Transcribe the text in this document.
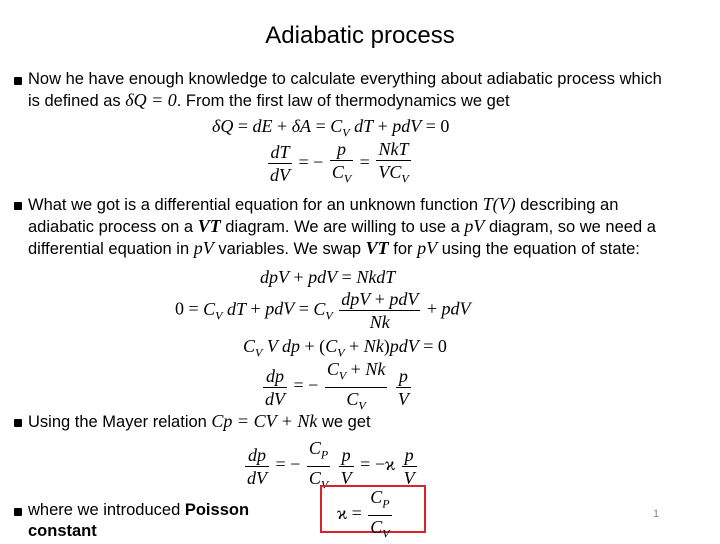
Adiabatic process
Now he have enough knowledge to calculate everything about adiabatic process which
is defined as δQ = 0. From the first law of thermodynamics we get
δQ = dE + $\delta A = C_V$ dT + pdV = 0
$\frac{dT}{dV}$ = − $\frac{p}{C_V} = \frac{\text{NkT}}{VC_V}$
What we got is a differential equation for an unknown function T(V) describing an
adiabatic process on a VT diagram. We are willing to use a pV diagram, so we need a
differential equation in pV variables. We swap VT for pV using the equation of state:
dpV + pdV = NkdT
$0 = C_V$ dT + pdV = $C_V \frac{\text{dpV + pdV}}{Nk}$ + pdV
$C_V$ V dp + $(C_V + Nk)pdV = 0$
$\frac{dp}{dV}$ = − $\frac{C_V + Nk}{C_V}$
$\frac{p}{V}$
Using the Mayer relation Cp = CV + Nk we get
$\frac{dp}{dV}$ = − $\frac{C_P}{C_V}$
$\frac{p}{V} = -ϰ \frac{p}{V}$
where we introduced Poisson constant
$ϰ = \frac{C_P}{C_V}$	1
